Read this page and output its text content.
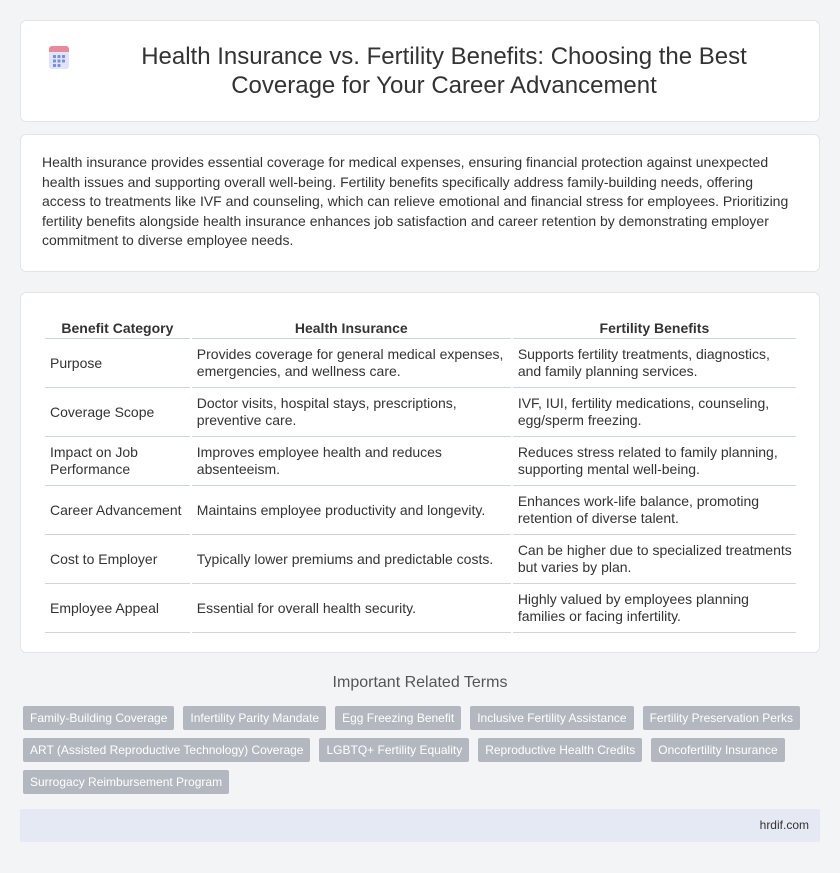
Health Insurance vs. Fertility Benefits: Choosing the Best Coverage for Your Career Advancement

Health insurance provides essential coverage for medical expenses, ensuring financial protection against unexpected health issues and supporting overall well-being. Fertility benefits specifically address family-building needs, offering access to treatments like IVF and counseling, which can relieve emotional and financial stress for employees. Prioritizing fertility benefits alongside health insurance enhances job satisfaction and career retention by demonstrating employer commitment to diverse employee needs.

Benefit Category	Health Insurance	Fertility Benefits
Purpose	Provides coverage for general medical expenses, emergencies, and wellness care.	Supports fertility treatments, diagnostics, and family planning services.
Coverage Scope	Doctor visits, hospital stays, prescriptions, preventive care.	IVF, IUI, fertility medications, counseling, egg/sperm freezing.
Impact on Job Performance	Improves employee health and reduces absenteeism.	Reduces stress related to family planning, supporting mental well-being.
Career Advancement	Maintains employee productivity and longevity.	Enhances work-life balance, promoting retention of diverse talent.
Cost to Employer	Typically lower premiums and predictable costs.	Can be higher due to specialized treatments but varies by plan.
Employee Appeal	Essential for overall health security.	Highly valued by employees planning families or facing infertility.
Important Related Terms
Family-Building Coverage	Infertility Parity Mandate	Egg Freezing Benefit	Inclusive Fertility Assistance	Fertility Preservation Perks
ART (Assisted Reproductive Technology) Coverage	LGBTQ+ Fertility Equality	Reproductive Health Credits	Oncofertility Insurance
Surrogacy Reimbursement Program
hrdif.com
